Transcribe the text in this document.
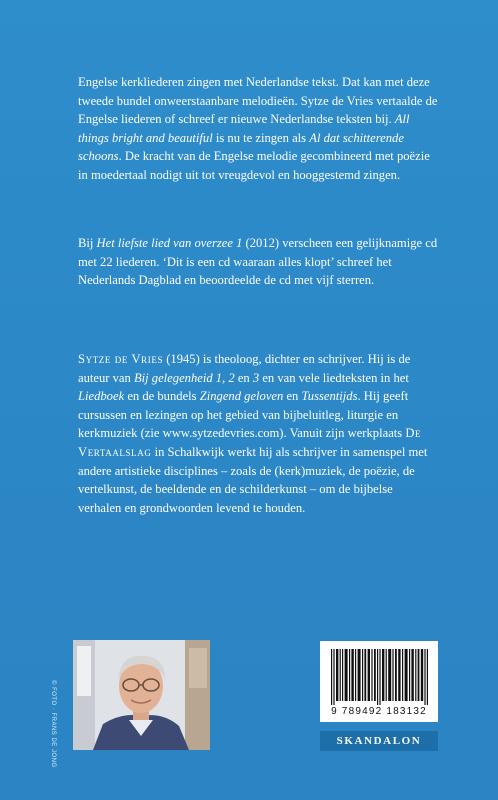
Engelse kerkliederen zingen met Nederlandse tekst. Dat kan met deze tweede bundel onweerstaanbare melodieën. Sytze de Vries vertaalde de Engelse liederen of schreef er nieuwe Nederlandse teksten bij. All things bright and beautiful is nu te zingen als Al dat schitterende schoons. De kracht van de Engelse melodie gecombineerd met poëzie in moedertaal nodigt uit tot vreugdevol en hooggestemd zingen.

Bij Het liefste lied van overzee 1 (2012) verscheen een gelijknamige cd met 22 liederen. ‘Dit is een cd waaraan alles klopt’ schreef het Nederlands Dagblad en beoordeelde de cd met vijf sterren.

Sytze de Vries (1945) is theoloog, dichter en schrijver. Hij is de auteur van Bij gelegenheid 1, 2 en 3 en van vele liedteksten in het Liedboek en de bundels Zingend geloven en Tussentijds. Hij geeft cursussen en lezingen op het gebied van bijbeluitleg, liturgie en kerkmuziek (zie www.sytzedevries.com). Vanuit zijn werkplaats De Vertaalslag in Schalkwijk werkt hij als schrijver in samenspel met andere artistieke disciplines – zoals de (kerk)muziek, de poëzie, de vertelkunst, de beeldende en de schilderkunst – om de bijbelse verhalen en grondwoorden levend te houden.

© FOTO · FRANS DE JONG	9 789492 183132
SKANDALON
